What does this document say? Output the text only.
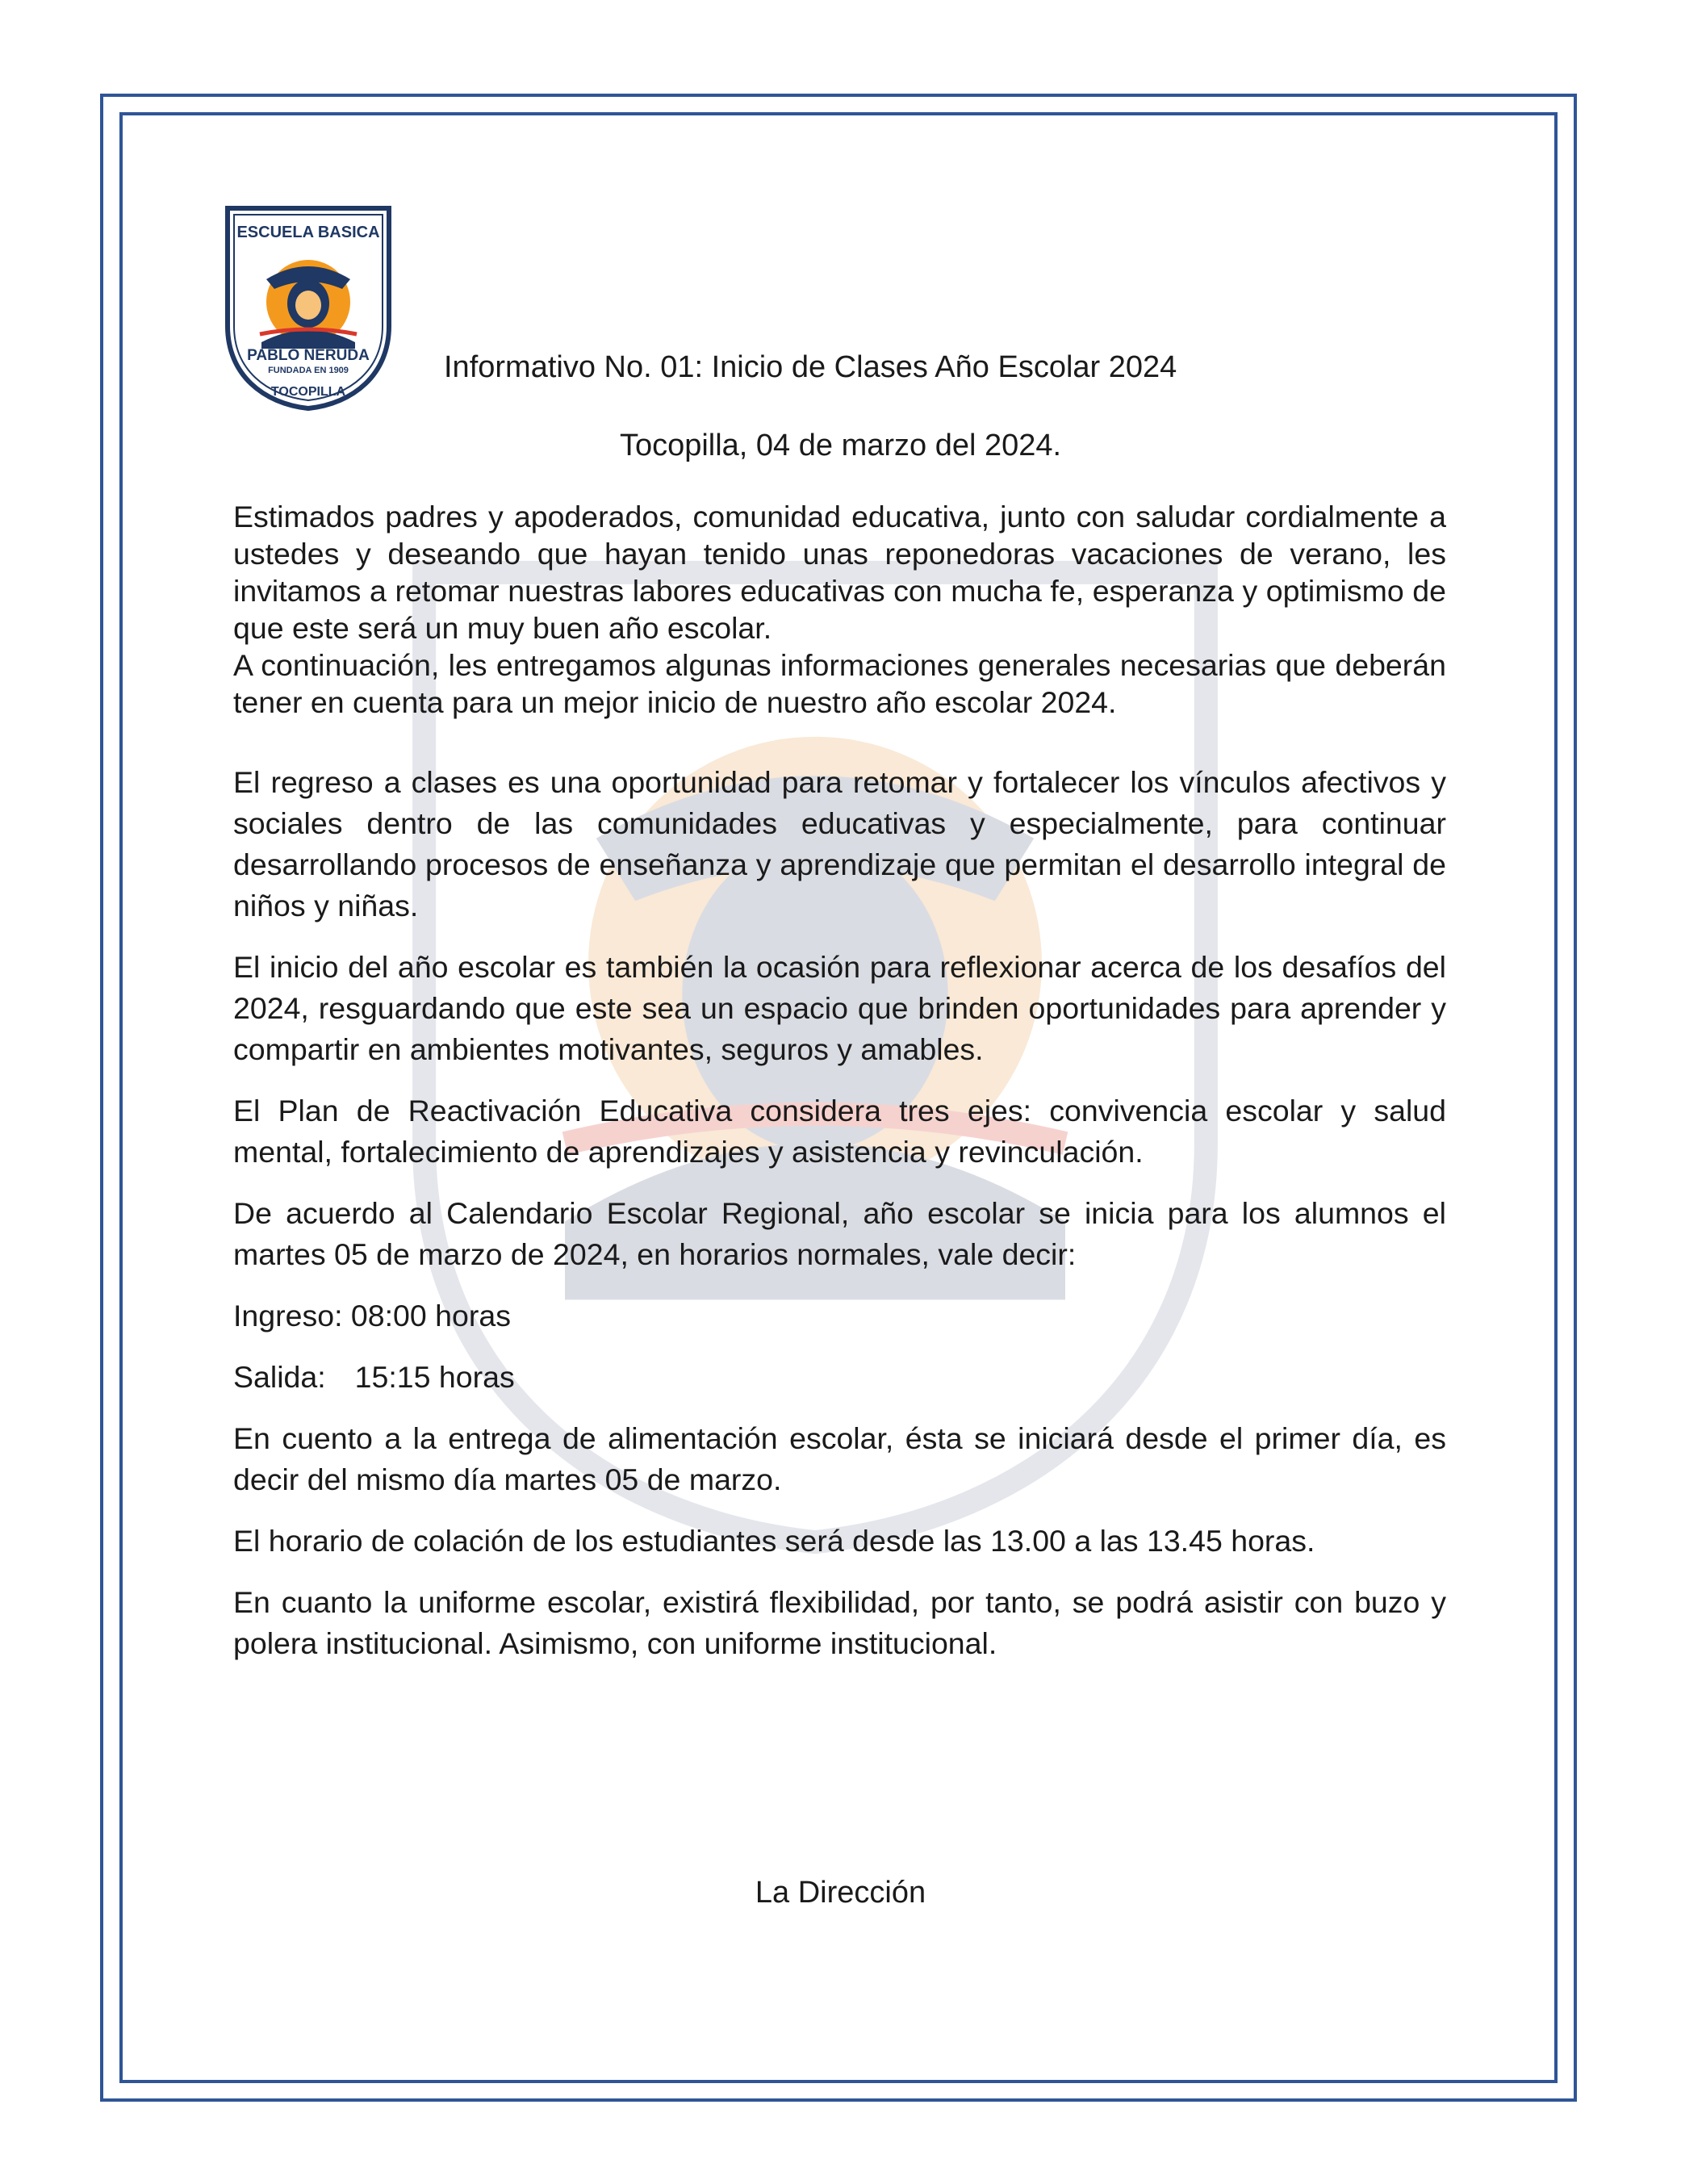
ESCUELA BASICA
PABLO NERUDA
FUNDADA EN 1909
TOCOPILLA
Informativo No. 01: Inicio de Clases Año Escolar 2024
Tocopilla, 04 de marzo del 2024.

Estimados padres y apoderados, comunidad educativa, junto con saludar cordialmente a ustedes y deseando que hayan tenido unas reponedoras vacaciones de verano, les invitamos a retomar nuestras labores educativas con mucha fe, esperanza y optimismo de que este será un muy buen año escolar.

A continuación, les entregamos algunas informaciones generales necesarias que deberán tener en cuenta para un mejor inicio de nuestro año escolar 2024.

El regreso a clases es una oportunidad para retomar y fortalecer los vínculos afectivos y sociales dentro de las comunidades educativas y especialmente, para continuar desarrollando procesos de enseñanza y aprendizaje que permitan el desarrollo integral de niños y niñas.

El inicio del año escolar es también la ocasión para reflexionar acerca de los desafíos del 2024, resguardando que este sea un espacio que brinden oportunidades para aprender y compartir en ambientes motivantes, seguros y amables.

El Plan de Reactivación Educativa considera tres ejes: convivencia escolar y salud mental, fortalecimiento de aprendizajes y asistencia y revinculación.

De acuerdo al Calendario Escolar Regional, año escolar se inicia para los alumnos el martes 05 de marzo de 2024, en horarios normales, vale decir:

Ingreso: 08:00 horas

Salida: 15:15 horas

En cuento a la entrega de alimentación escolar, ésta se iniciará desde el primer día, es decir del mismo día martes 05 de marzo.

El horario de colación de los estudiantes será desde las 13.00 a las 13.45 horas.

En cuanto la uniforme escolar, existirá flexibilidad, por tanto, se podrá asistir con buzo y polera institucional. Asimismo, con uniforme institucional.

La Dirección
